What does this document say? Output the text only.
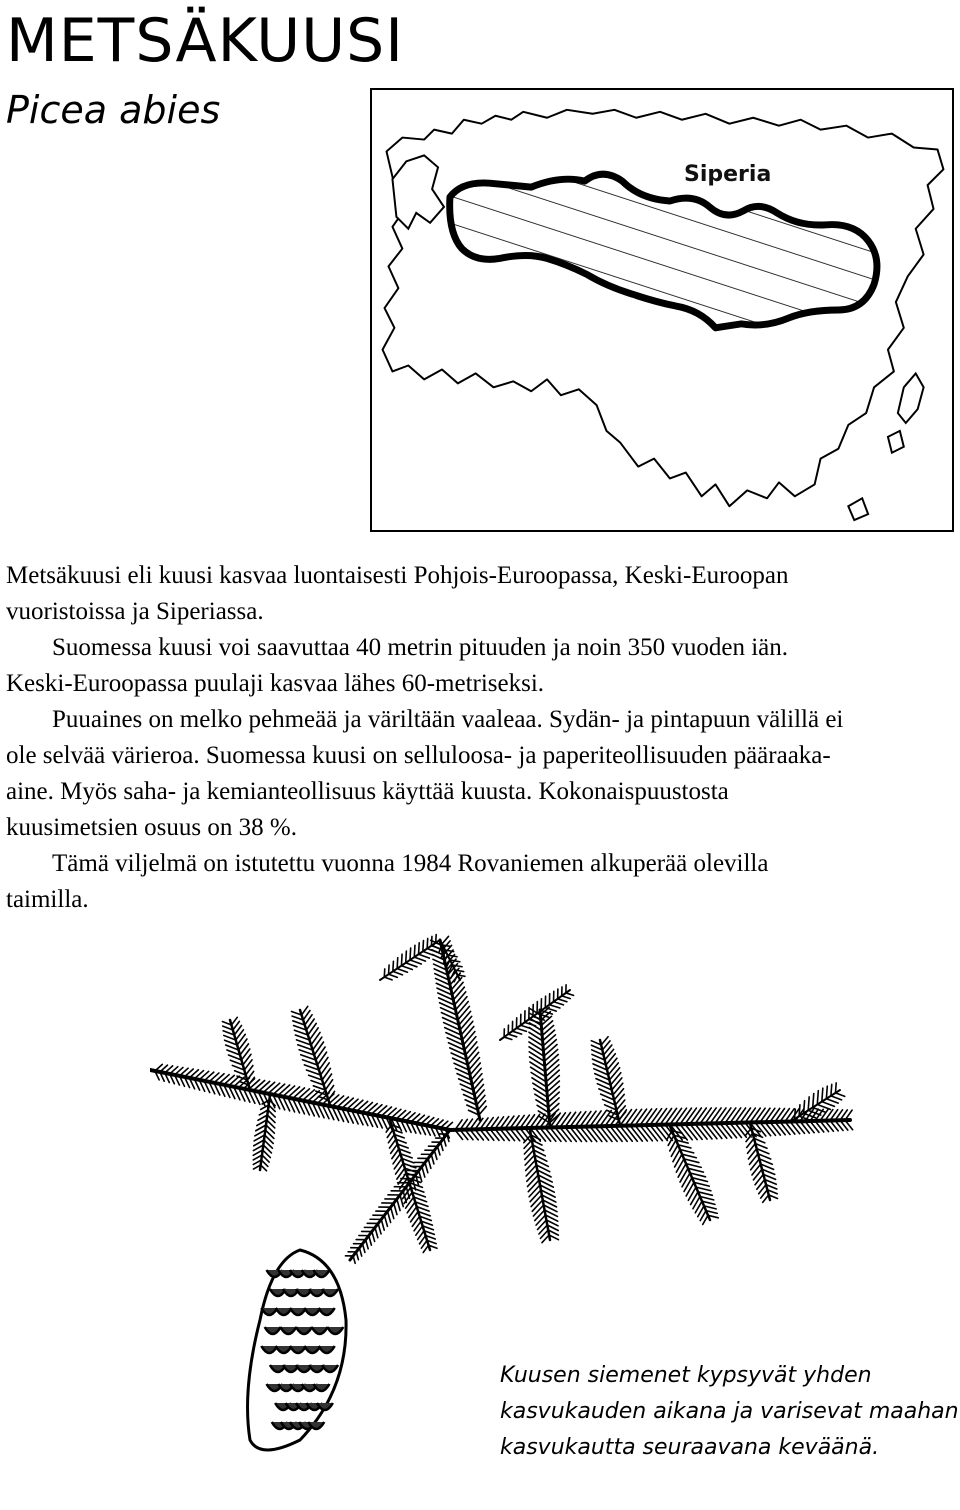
METSÄKUUSI
Picea abies
Siperia

Metsäkuusi eli kuusi kasvaa luontaisesti Pohjois-Euroopassa, Keski-Euroopan vuoristoissa ja Siperiassa.

Suomessa kuusi voi saavuttaa 40 metrin pituuden ja noin 350 vuoden iän. Keski-Euroopassa puulaji kasvaa lähes 60-metriseksi.

Puuaines on melko pehmeää ja väriltään vaaleaa. Sydän- ja pintapuun välillä ei ole selvää värieroa. Suomessa kuusi on selluloosa- ja paperiteollisuuden pääraaka-aine. Myös saha- ja kemianteollisuus käyttää kuusta. Kokonaispuustosta kuusimetsien osuus on 38 %.

Tämä viljelmä on istutettu vuonna 1984 Rovaniemen alkuperää olevilla taimilla.

Kuusen siemenet kypsyvät yhden
kasvukauden aikana ja varisevat maahan
kasvukautta seuraavana keväänä.
